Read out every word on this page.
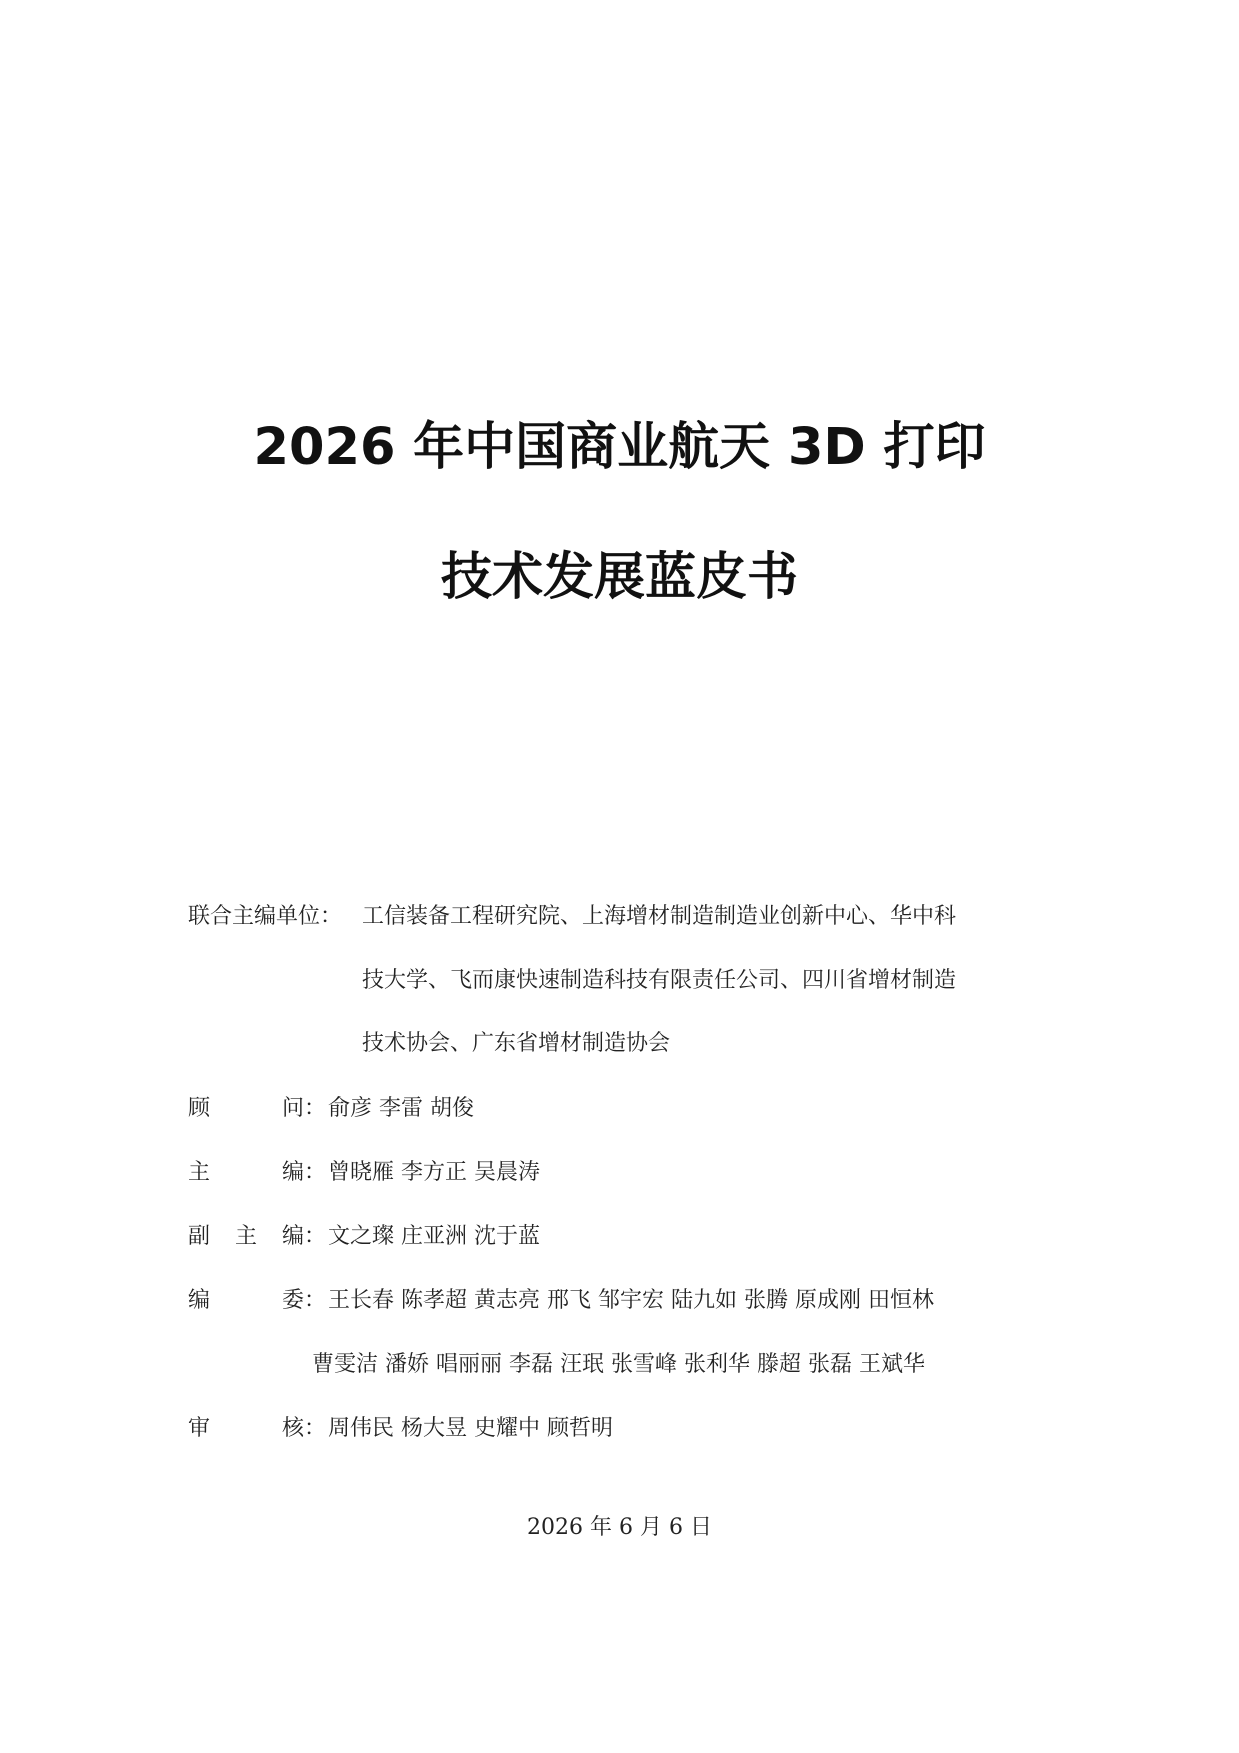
2026 年中国商业航天 3D 打印
技术发展蓝皮书
联合主编单位： 工信装备工程研究院、上海增材制造制造业创新中心、华中科
技大学、飞而康快速制造科技有限责任公司、四川省增材制造
技术协会、广东省增材制造协会
顾	问： 俞彦 李雷 胡俊
主	编： 曾晓雁 李方正 吴晨涛
副 主 编： 文之璨 庄亚洲 沈于蓝
编	委： 王长春 陈孝超 黄志亮 邢飞 邹宇宏 陆九如 张腾 原成刚 田恒林
曹雯洁 潘娇 唱丽丽 李磊 汪珉 张雪峰 张利华 滕超 张磊 王斌华
审	核： 周伟民 杨大昱 史耀中 顾哲明
2026 年 6 月 6 日
